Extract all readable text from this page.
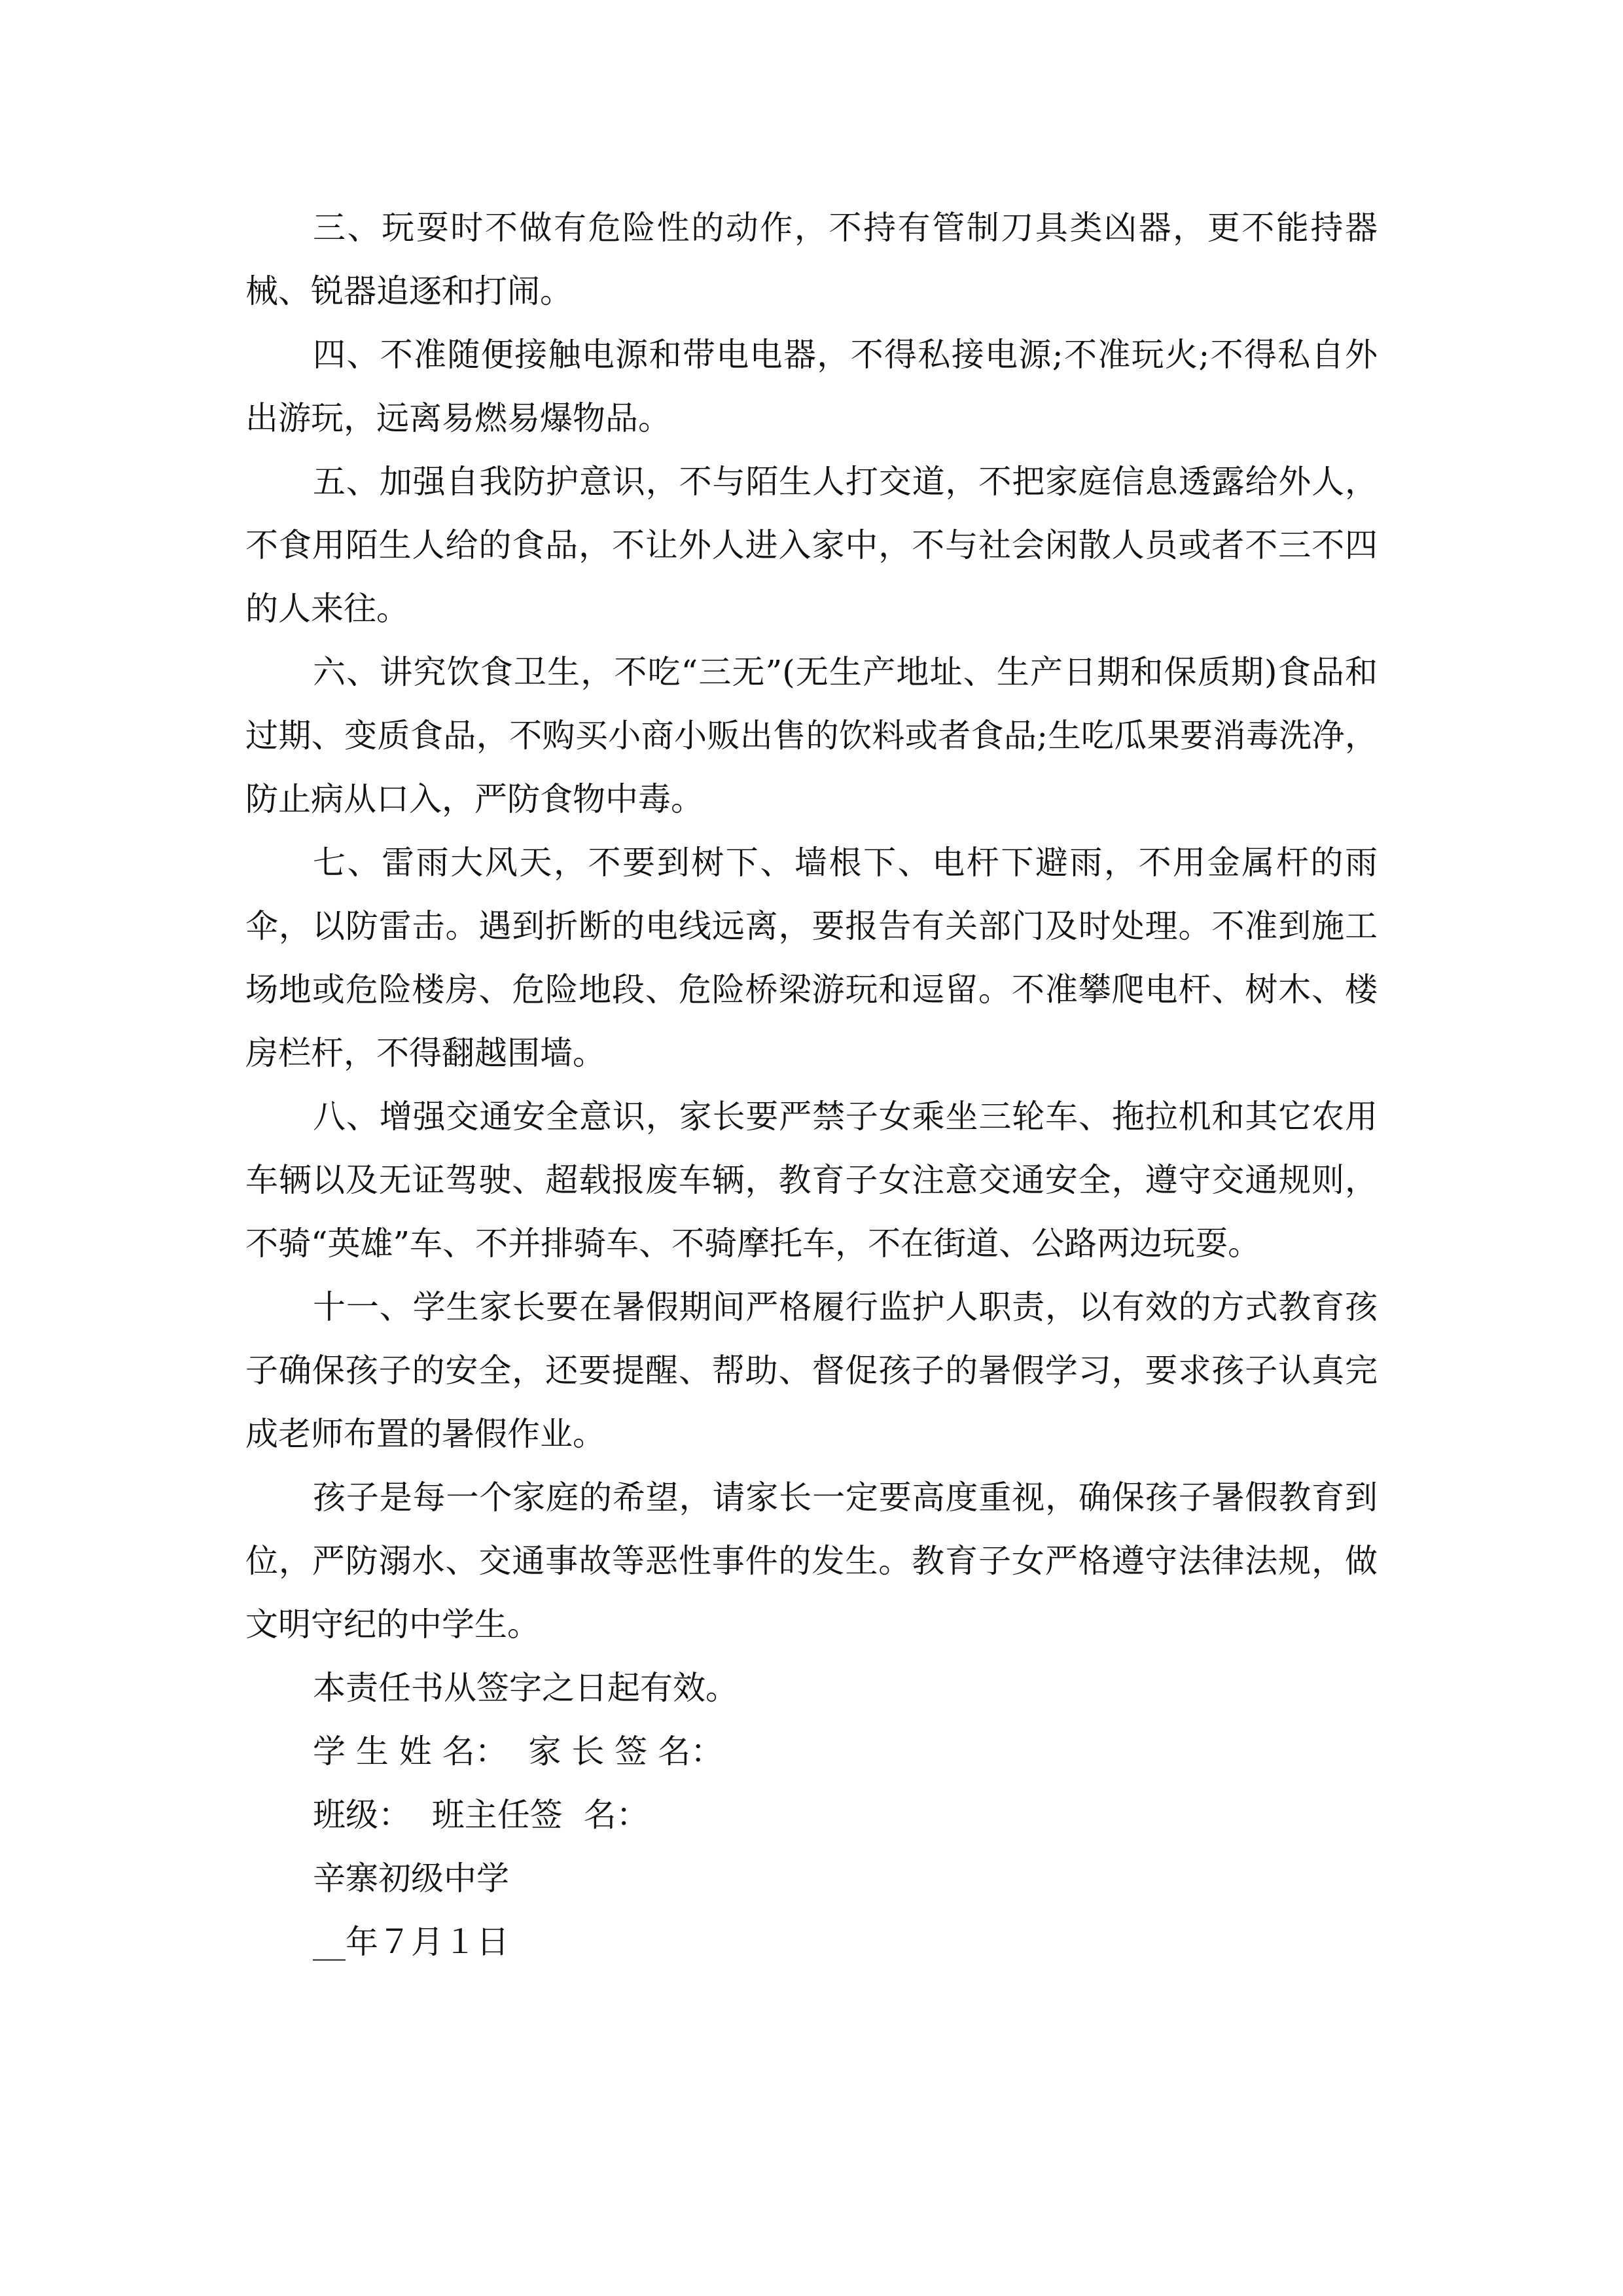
三、玩耍时不做有危险性的动作，不持有管制刀具类凶器，更不能持器械、锐器追逐和打闹。

四、不准随便接触电源和带电电器，不得私接电源;不准玩火;不得私自外出游玩，远离易燃易爆物品。

五、加强自我防护意识，不与陌生人打交道，不把家庭信息透露给外人，不食用陌生人给的食品，不让外人进入家中，不与社会闲散人员或者不三不四的人来往。

六、讲究饮食卫生，不吃“三无”(无生产地址、生产日期和保质期)食品和过期、变质食品，不购买小商小贩出售的饮料或者食品;生吃瓜果要消毒洗净，防止病从口入，严防食物中毒。

七、雷雨大风天，不要到树下、墙根下、电杆下避雨，不用金属杆的雨伞，以防雷击。遇到折断的电线远离，要报告有关部门及时处理。不准到施工场地或危险楼房、危险地段、危险桥梁游玩和逗留。不准攀爬电杆、树木、楼房栏杆，不得翻越围墙。

八、增强交通安全意识，家长要严禁子女乘坐三轮车、拖拉机和其它农用车辆以及无证驾驶、超载报废车辆，教育子女注意交通安全，遵守交通规则，不骑“英雄”车、不并排骑车、不骑摩托车，不在街道、公路两边玩耍。

十一、学生家长要在暑假期间严格履行监护人职责，以有效的方式教育孩子确保孩子的安全，还要提醒、帮助、督促孩子的暑假学习，要求孩子认真完成老师布置的暑假作业。

孩子是每一个家庭的希望，请家长一定要高度重视，确保孩子暑假教育到位，严防溺水、交通事故等恶性事件的发生。教育子女严格遵守法律法规，做文明守纪的中学生。

本责任书从签字之日起有效。

学 生 姓 名：  家 长 签 名：

班级：  班主任签  名：

辛寨初级中学

__年７月１日
